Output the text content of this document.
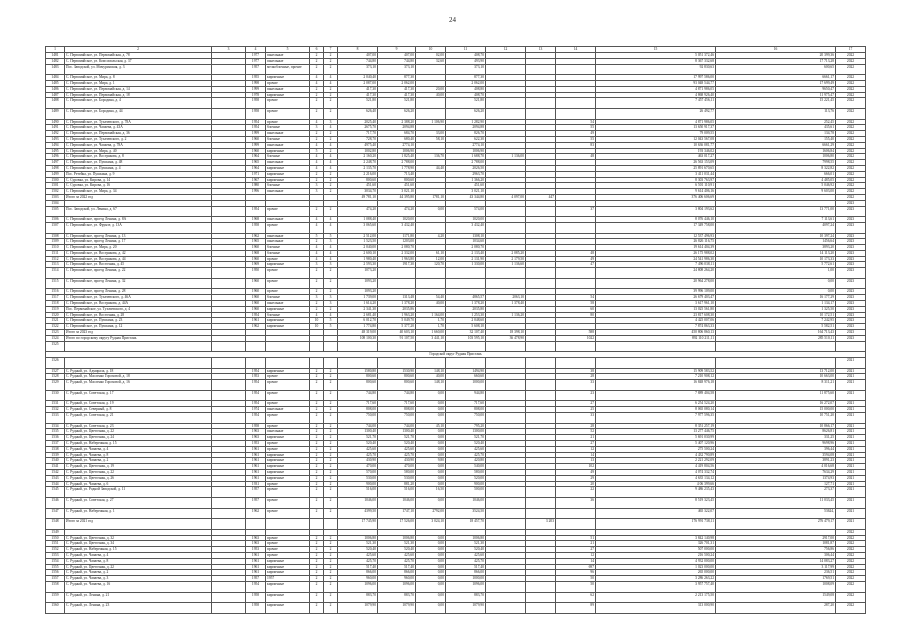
24
1	2	3	4	5	6	7	8	9	10	11	12	13	14	15	16	17
1481	С. Первомайское, ул. Первомайская, д. 78		1977	панельные	2	2	407,00	407,00	02,00	408,70				5 051 372,46	20 399,36	2022
1482	С. Первомайское, ул. Комсомольская, д. 37		1977	панельные	2	2	744,80	744,80	32,60	493,90				8 367 332,68	17 713,28	2022
1483	Пос. Заводской, ул. Мичуринская, д. 3		1957	мелкоблочные, прочие	2	2	373,10	373,10		373,10				92 830,63	600,65	2022
1484	С. Первомайское, ул. Мира, д. 8		1955	кирпичные	4	4	2 040,40	877,30		877,30				17 997 586,00	6661,17	2022
1485	С. Первомайское, ул. Мира, д. 1		1998	прочие	4	4	2 087,00	2 062,00		2 062,00				93 048 544,77	17 699,49	2022
1486	С. Первомайское, ул. Первомайская, д. 14		1999	панельные	2	2	417,30	417,30	20,00	408,80				4 871 986,05	9650,47	2022
1487	С. Первомайское, ул. Первомайская, д. 18		1978	кирпичные	2	2	417,30	417,30	40,00	408,70				4 868 926,40	11 975,47	2022
1488	С. Первомайское, ул. Бородина, д. 4		1958	прочие	2	2	521,80	521,80		521,80				7 457 456,11	15 221,45	2022
1489	С. Первомайское, ул. Бородина, д. 44		1958	прочие	2	2	626,40	626,20		626,20				26 492,77	113,76	2022
1490	С. Первомайское, ул. Тухачевского, д. 78А		1954	прочие	4	3	2025,40	2 388,20	1 106,90	1 282,90			54	4 871 986,05	252,45	2022
1491	С. Первомайское, ул. Чапаева, д. 43А		1954	блочные	3	4	2675,70	2094,88		2094,88			55	13 650 917,37	435,61	2022
1492	С. Первомайское, ул. Первомайская, д. 36		1999	панельные	2	2	717,70	684,70	33,00	826,70			49	79 009,55	134,78	2022
1493	С. Первомайское, ул. Тухачевского, д. 2		1960	блочные	2	2	728,70	680,40	58,10	622,30			55	12 043 567,08	155,40	2022
1494	С. Первомайское, ул. Чапаева, д. 78А		1999	панельные	4	4	4975,40	2774,10		2774,10			83	10 636 081,77	6661,29	2022
1495	С. Первомайское, ул. Мира, д. 40		1960	кирпичные	5	2	1002,80	1006,90		1006,90				193 346,02	1606,84	2022
1496	С. Первомайское, ул. Вострякова, д. 8		1964	блочные	4	4	2 160,20	1 825,40	136,70	1 688,70	1 136,00		48	463 017,27	1006,80	2022
1497	С. Первомайское, ул. Пушкина, д. 48		1965	панельные	4	4	2 248,70	2 788,00		2 788,00				26 563 153,09	7998,55	2022
1498	С. Первомайское, ул. Пушкина, д. 4		1964	кирпичные	4	4	2 135,70	1 778,90	44,40	2026,50				25 891 670,65	8 322,82	2022
1499	Пос. Ретейка, ул. Пушкина, д. 9		1971	кирпичные	2	2	2 216,00	713,40		2963,70				3 411 031,44	666,01	2022
1500	С. Суровка, ул. Кирова, д. 14		1967	кирпичные	2	2	800,60	800,60		1 366,20				8 303 763,97	4 485,05	2022
1501	С. Суровка, ул. Кирова, д. 16		1980	блочные	3	2	451,60	451,60		451,60				6 501 110,91	5 046,92	2022
1502	С. Первомайское, ул. Мира, д. 34		1996	панельные	3	2	3034,70	3 021,10		3 021,10				9 614 406,16	9 603,00	2022
1503	Итого за 2022 год						49 781,10	44 395,80	1781,10	43 344,80	4 097,00	447		376 406 606,69		2022
1504																2023
1505	Пос. Заводской, ул. Ленина, д. 67		1954	прочие	2	2	474,20	474,20	0,00	574,00			37	3 804 193,62	13 771,00	2023
1506	С. Первомайское, проезд Ленина, д. 8А		1968	панельные	4	4	1 088,40	1020,00		1020,00				8 076 446,10	7 113,61	2023
1507	С. Первомайское, ул. Фрунзе, д. 13А		1958	прочие	4	4	3 065,60	3 432,40		3 432,40				17 349 758,00	4097,24	2023
1508	С. Первомайское, проезд Ленина, д. 13		1962	панельные	5	5	2 512,00	1171,80	4,20	1308,10				12 537 496,93	10 397,24	2023
1509	С. Первомайское, проезд Ленина, д. 17		1965	панельные	2	3	1 523,50	1203,00		1034,60				26 826 116,75	1456,64	2023
1510	С. Первомайское, ул. Мира, д. 20		1960	блочные	4	4	2 040,00	2 080,70		2 080,70				19 614 404,39	3893,20	2023
1511	С. Первомайское, ул. Вострякова, д. 42		1968	блочные	4	4	2 600,10	2 332,00	61,10	2 133,40	2 085,20		48	26 175 988,02	14 113,20	2023
1512	С. Первомайское, ул. Вострякова, д. 44		1960	прочие	4	4	1 980,40	1 963,80	12,00	2 131,90	2 179,50		49	24 541 986,30	10 173,33	2023
1513	С. Первомайское, ул. Восточная, д. 45		1969	кирпичные	3	3	2 593,30	1917,30	120,70	1 330,00	1 136,60		47	7 496 038,11	5 772,61	2023
1514	С. Первомайское, проезд Ленина, д. 22		1950	прочие	2	2	1073,20							24 808 264,20	1,00	2023
1515	С. Первомайское, проезд Ленина, д. 32		1960	прочие	2	2	1093,20							20 964 278,00	0,00	2023
1516	С. Первомайское, проезд Ленина, д. 28		1960	прочие	2	2	1093,20							39 996 109,00	0,00	2023
1517	С. Первомайское, ул. Тухачевского, д. 46А		1960	блочные	3	3	1 739,00	1313,48	54,40	4865,57	2063,10		54	26 679 403,47	16 177,29	2023
1518	С. Первомайское, ул. Вострякова, д. 44А		1960	панельные	2	3	1 614,20	1 378,20	40,00	1 378,20	1 378,40		58	3 617 961,10	1 134,17	2023
1519	Пос. Первомайское, ул. Тухачевского, д. 4		1960	кирпичные	2	2	2 341,30	2035,86		2035,80			60	13 025 561,80	1 325,50	2023
1520	С. Первомайское, ул. Восточная, д. 28		1954	блочные	4	4	2 681,40	1 963,20	1 164,00	1 253,30	1 136,20		80	23 817 608,30	10 172,51	2023
1521	С. Первомайское, ул. Пушкина, д. 23		1961	кирпичные	10	5	6 012,70	5 049,70	1,70	2 048,60				4 425 007,06	7 242,95	2023
1522	С. Первомайское, ул. Пушкина, д. 12		1962	кирпичные	10	5	1 774,80	5 377,20	1,70	5 608,10				7 874 863,33	5 582,51	2023
1523	Итого за 2023 год						48 319,00	40 603,10	1 660,00	32 107,40	18 398,10		588	450 806 860,13	164 713,43	2023
1524	Итого по городскому округу Рудная Пристань						108 100,30	91 107,50	3 441,10	103 595,10	36 478,90		1022	892 110 211,11	285 510,11	2023
1525																
Городской округ Рудная Пристань																
1526																2021
1527	С. Рудный, ул. Адмирала, д. 18		1954	кирпичные	2	2	1580,80	1530,90	148,10	1494,90			38	15 909 583,52	13 712,00	2021
1528	С. Рудный, ул. Масленко Гороховой, д. 18		1953	прочие	2	2	800,60	800,60	40,00	660,60			28	7 210 908,12	10 663,00	2021
1529	С. Рудный, ул. Масленко Гороховой, д. 16		1954	прочие	2	2	800,60	800,60	148,10	1000,00			33	16 848 976,18	8 311,21	2021
1530	С. Рудный, ул. Советская, д. 17		1954	прочие	2	2	744,80	744,80	0,00	944,80			23	7 889 404,58	11 875,60	2021
1531	С. Рудный, ул. Советская, д. 19		1954	прочие	2	2	717,60	717,60	0,00	717,60			27	6 254 524,20	16 272,07	2021
1532	С. Рудный, ул. Северный, д. 8		1974	панельные	2	2	808,00	808,00	0,00	808,00			25	8 065 080,14	15 000,00	2021
1533	С. Рудный, ул. Советская, д. 21		1954	прочие	2	2	750,00	750,00	0,00	750,00			33	7 977 596,35	10 751,20	2021
1534	С. Рудный, ул. Советская, д. 23		1958	прочие	2	2	744,00	744,00	45,10	795,20			28	8 351 257,19	10 866,17	2021
1535	С. Рудный, ул. Цветочная, д. 22		1963	панельные	2	2	1300,40	1300,40	0,00	1300,00			52	13 277 446,75	8626,81	2021
1536	С. Рудный, ул. Цветочная, д. 24		1963	кирпичные	2	2	521,70	521,70	0,00	521,70			21	5 691 030,99	331,25	2021
1537	С. Рудный, ул. Набережная, д. 15		1953	прочие	2	2	520,40	520,40	0,00	520,40			27	5 407 120,96	9698,96	2021
1538	С. Рудный, ул. Чапаева, д. 4		1961	прочие	2	2	425,60	425,60	0,00	425,60			12	275 500,24	396,44	2021
1539	С. Рудный, ул. Чапаева, д. 8		1961	кирпичные	2	2	425,70	425,70	0,00	425,70			14	4 432 790,89	3594,08	2021
1540	С. Рудный, ул. Чапаева, д. 2		1961	кирпичные	2	2	430,90	430,90	9,80	420,80			13	2 221 292,09	3891,23	2021
1541	С. Рудный, ул. Цветочная, д. 19		1961	кирпичные	2	2	470,00	470,00	0,00	540,00			102	4 419 804,56	4 016,68	2021
1542	С. Рудный, ул. Цветочная, д. 22		1961	кирпичные	2	2	570,00	580,00	0,00	580,00			49	4 074 332,74	7634,29	2021
1543	С. Рудный, ул. Цветочная, д. 26		1961	кирпичные	2	2	530,00	530,00	0,00	520,00			29	4 635 134,12	1374,93	2021
1544	С. Рудный, ул. Чапаева, д. 6		1931	прочие	2	2	900,00	881,20	0,00	900,00			20	4 06 399,66	127,71	2021
1545	С. Рудный, ул. Родной Заводской, д. 11		1957	прочие	2	2	516,00	516,00	16,50	500,00			22	9 486 235,43	273,37	2021
1546	С. Рудный, ул. Советская, д. 27		1957	прочие	2	2	1046,00	1046,00	0,00	1046,00			36	8 519 323,45	11 033,45	2021
1547	С. Рудный, ул. Набережная, д. 1		1962	прочие	2	2	4399,50	1747,10	2792,00	3524,50				465 322,07	53624,	2021
1548	Итого за 2021 год						17 745,90	17 526,00	3 024,10	18 457,70		3 203		176 991 738,11	276 479,17	2021
1549																2022
1550	С. Рудный, ул. Цветочная, д. 32		1963	прочие	2	2	1006,80	1006,80	0,00	1006,80			51	3 842 140,98	2917,00	2022
1551	С. Рудный, ул. Цветочная, д. 34		1963	прочие	2	2	521,30	521,30	0,00	521,30			21	326 701,31	1081,87	2022
1552	С. Рудный, ул. Набережная, д. 15		1953	прочие	2	2	520,40	520,40	0,00	520,40			27	507 000,00	756,86	2022
1553	С. Рудный, ул. Чапаева, д. 4		1961	прочие	2	2	425,60	425,60	0,00	425,60			12	216 500,24	306,44	2022
1554	С. Рудный, ул. Чапаева, д. 8		1961	кирпичные	2	2	425,70	425,70	0,00	425,70			14	4 932 000,00	14 083,27	2022
1555	С. Рудный, ул. Цветочная, д. 22		1961	кирпичные	2	2	517,40	517,40	0,00	517,40			697	1 023 000,00	3 117,99	2022
1556	С. Рудный, ул. Чапаева, д. 2		1961	кирпичные	2	2	866,00	866,00	0,00	866,00			96	265 000,00	236,51	2022
1557	С. Рудный, ул. Чапаева, д. 3		1957	1957	2	2	960,00	960,00	0,00	1000,00			50	3 286 263,22	1769,51	2022
1558	С. Рудный, ул. Чапаева, д. 16		1954	кирпичные	2	2	1096,00	1096,00	0,00	1096,00			50	3 957 757,40	1008,09	2022
1559	С. Рудный, ул. Ленина, д. 21		1958	кирпичные	2	2	883,70	883,70	0,00	883,70			62	2 213 175,50	1549,08	2022
1560	С. Рудный, ул. Ленина, д. 23		1958	кирпичные	2	2	1079,90	1079,90	0,00	1079,90			89	313 000,90	287,20	2022
